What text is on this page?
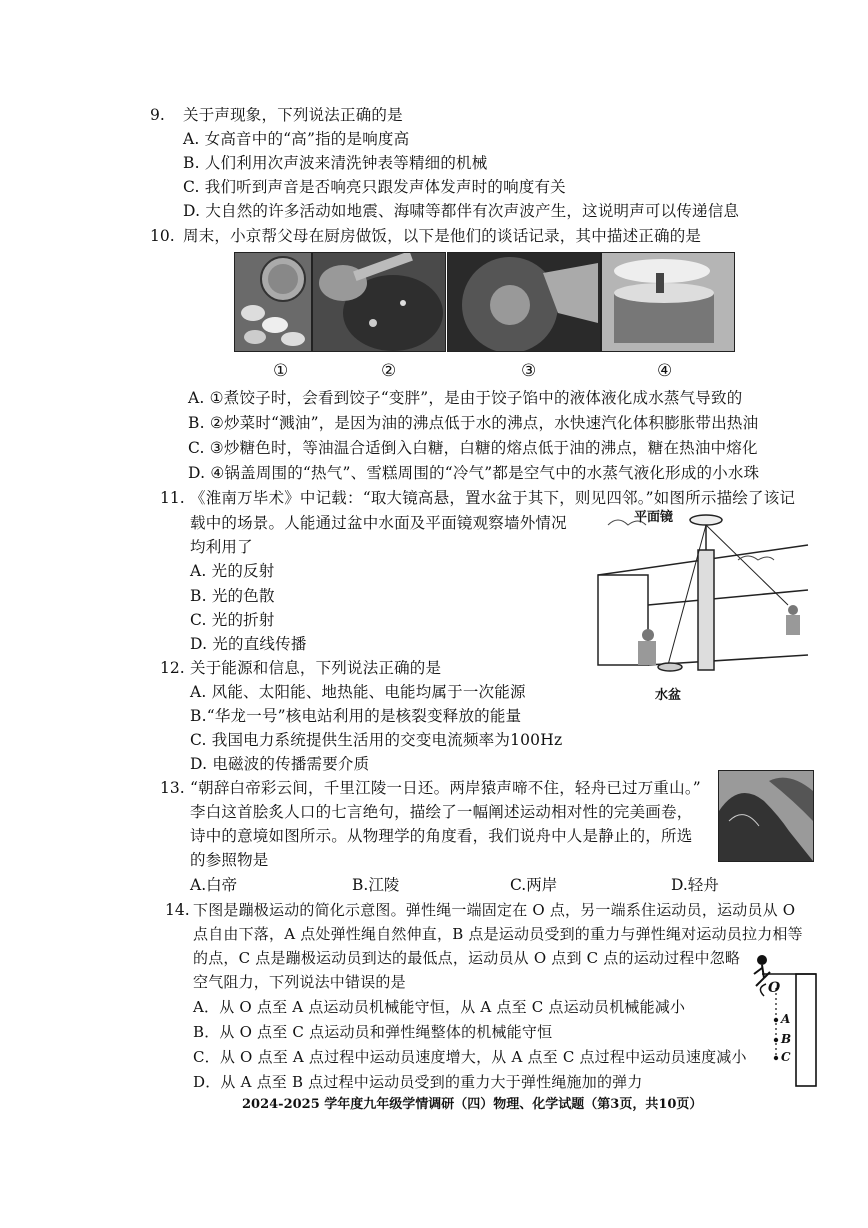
9. 关于声现象，下列说法正确的是
A. 女高音中的“高”指的是响度高
B. 人们利用次声波来清洗钟表等精细的机械
C. 我们听到声音是否响亮只跟发声体发声时的响度有关
D. 大自然的许多活动如地震、海啸等都伴有次声波产生，这说明声可以传递信息
10. 周末，小京帮父母在厨房做饭，以下是他们的谈话记录，其中描述正确的是
①	②	③	④
A. ①煮饺子时，会看到饺子“变胖”，是由于饺子馅中的液体液化成水蒸气导致的
B. ②炒菜时“溅油”，是因为油的沸点低于水的沸点，水快速汽化体积膨胀带出热油
C. ③炒糖色时，等油温合适倒入白糖，白糖的熔点低于油的沸点，糖在热油中熔化
D. ④锅盖周围的“热气”、雪糕周围的“冷气”都是空气中的水蒸气液化形成的小水珠
11. 《淮南万毕术》中记载：“取大镜高悬，置水盆于其下，则见四邻。”如图所示描绘了该记
载中的场景。人能通过盆中水面及平面镜观察墙外情况
均利用了
A. 光的反射
B. 光的色散
C. 光的折射
D. 光的直线传播
平面镜
水盆
12. 关于能源和信息，下列说法正确的是
A. 风能、太阳能、地热能、电能均属于一次能源
B.“华龙一号”核电站利用的是核裂变释放的能量
C. 我国电力系统提供生活用的交变电流频率为100Hz
D. 电磁波的传播需要介质
13. “朝辞白帝彩云间，千里江陵一日还。两岸猿声啼不住，轻舟已过万重山。”
李白这首脍炙人口的七言绝句，描绘了一幅阐述运动相对性的完美画卷，
诗中的意境如图所示。从物理学的角度看，我们说舟中人是静止的，所选
的参照物是
A.白帝	B.江陵	C.两岸	D.轻舟
14. 下图是蹦极运动的简化示意图。弹性绳一端固定在 O 点，另一端系住运动员，运动员从 O
点自由下落，A 点处弹性绳自然伸直，B 点是运动员受到的重力与弹性绳对运动员拉力相等
的点，C 点是蹦极运动员到达的最低点，运动员从 O 点到 C 点的运动过程中忽略
空气阻力，下列说法中错误的是
A．从 O 点至 A 点运动员机械能守恒，从 A 点至 C 点运动员机械能减小
B．从 O 点至 C 点运动员和弹性绳整体的机械能守恒
C．从 O 点至 A 点过程中运动员速度增大，从 A 点至 C 点过程中运动员速度减小
D．从 A 点至 B 点过程中运动员受到的重力大于弹性绳施加的弹力
O
A
B
C
2024-2025 学年度九年级学情调研（四）物理、化学试题（第3页，共10页）
